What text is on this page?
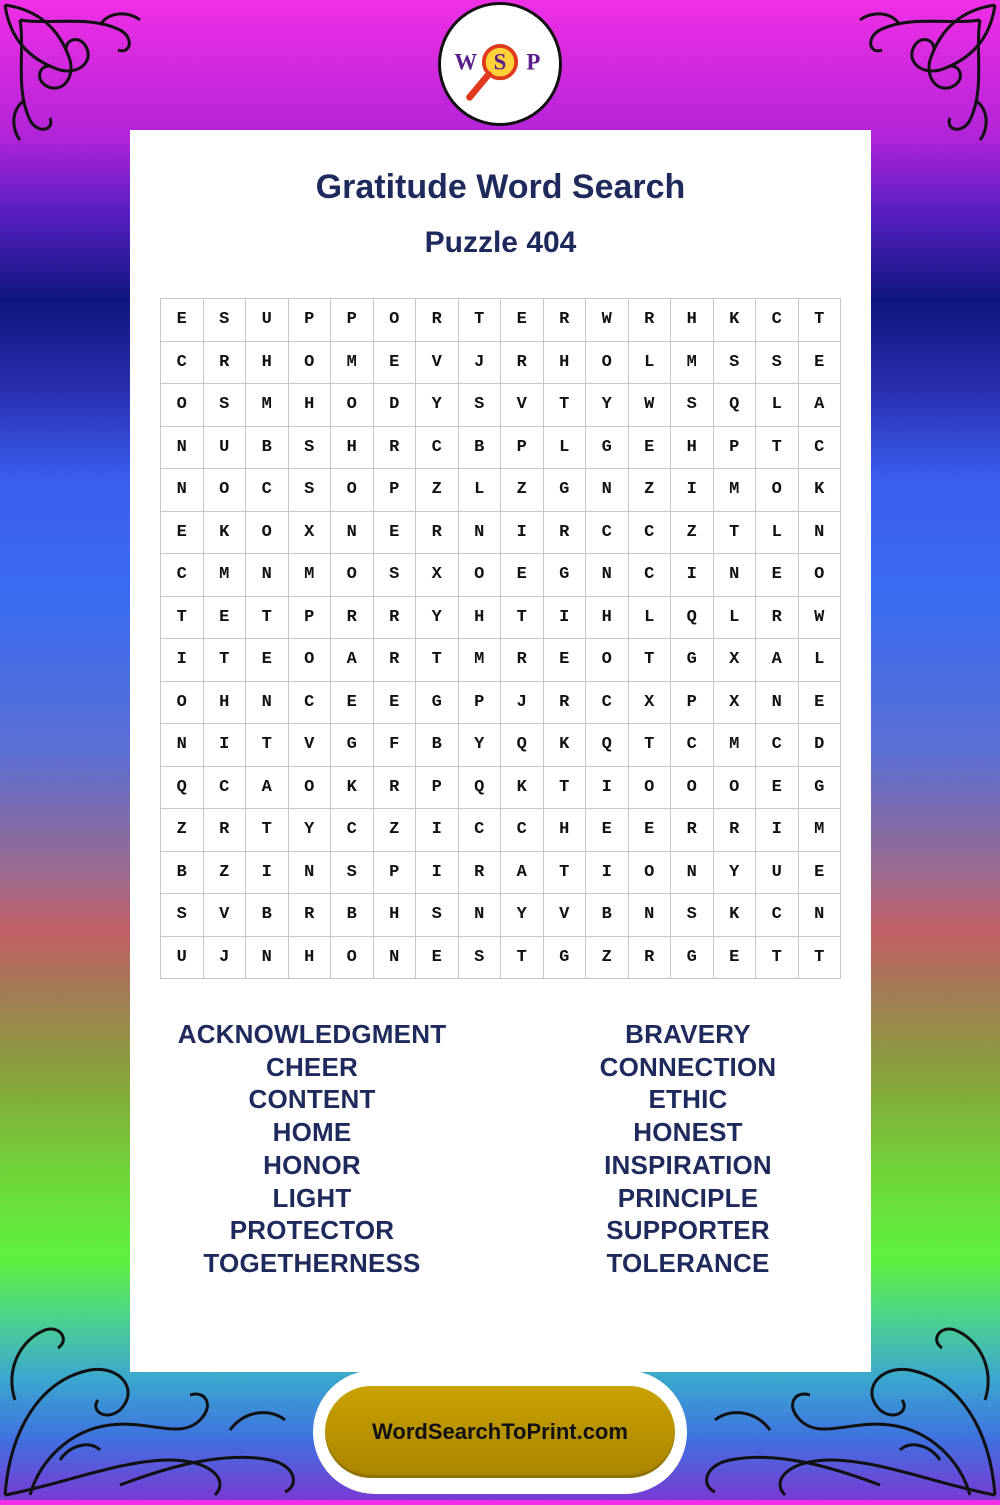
W S P
Gratitude Word Search
Puzzle 404
E	S	U	P	P	O	R	T	E	R	W	R	H	K	C	T
C	R	H	O	M	E	V	J	R	H	O	L	M	S	S	E
O	S	M	H	O	D	Y	S	V	T	Y	W	S	Q	L	A
N	U	B	S	H	R	C	B	P	L	G	E	H	P	T	C
N	O	C	S	O	P	Z	L	Z	G	N	Z	I	M	O	K
E	K	O	X	N	E	R	N	I	R	C	C	Z	T	L	N
C	M	N	M	O	S	X	O	E	G	N	C	I	N	E	O
T	E	T	P	R	R	Y	H	T	I	H	L	Q	L	R	W
I	T	E	O	A	R	T	M	R	E	O	T	G	X	A	L
O	H	N	C	E	E	G	P	J	R	C	X	P	X	N	E
N	I	T	V	G	F	B	Y	Q	K	Q	T	C	M	C	D
Q	C	A	O	K	R	P	Q	K	T	I	O	O	O	E	G
Z	R	T	Y	C	Z	I	C	C	H	E	E	R	R	I	M
B	Z	I	N	S	P	I	R	A	T	I	O	N	Y	U	E
S	V	B	R	B	H	S	N	Y	V	B	N	S	K	C	N
U	J	N	H	O	N	E	S	T	G	Z	R	G	E	T	T
ACKNOWLEDGMENT
CHEER
CONTENT
HOME
HONOR
LIGHT
PROTECTOR
TOGETHERNESS
BRAVERY
CONNECTION
ETHIC
HONEST
INSPIRATION
PRINCIPLE
SUPPORTER
TOLERANCE
WordSearchToPrint.com
